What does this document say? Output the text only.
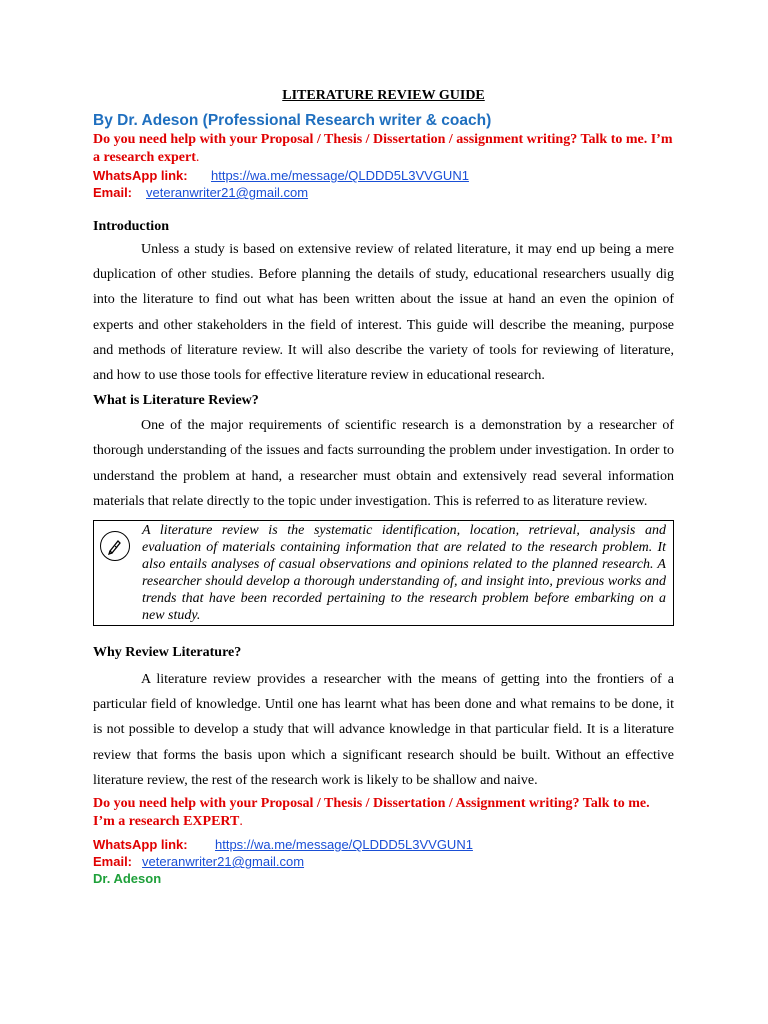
LITERATURE REVIEW GUIDE
By Dr. Adeson (Professional Research writer & coach)

Do you need help with your Proposal / Thesis / Dissertation / assignment writing? Talk to me. I’m a research expert.

WhatsApp link: https://wa.me/message/QLDDD5L3VVGUN1

Email: veteranwriter21@gmail.com

Introduction

Unless a study is based on extensive review of related literature, it may end up being a mere duplication of other studies. Before planning the details of study, educational researchers usually dig into the literature to find out what has been written about the issue at hand an even the opinion of experts and other stakeholders in the field of interest. This guide will describe the meaning, purpose and methods of literature review. It will also describe the variety of tools for reviewing of literature, and how to use those tools for effective literature review in educational research.

What is Literature Review?

One of the major requirements of scientific research is a demonstration by a researcher of thorough understanding of the issues and facts surrounding the problem under investigation. In order to understand the problem at hand, a researcher must obtain and extensively read several information materials that relate directly to the topic under investigation. This is referred to as literature review.

A literature review is the systematic identification, location, retrieval, analysis and evaluation of materials containing information that are related to the research problem. It also entails analyses of casual observations and opinions related to the planned research. A researcher should develop a thorough understanding of, and insight into, previous works and trends that have been recorded pertaining to the research problem before embarking on a new study.

Why Review Literature?

A literature review provides a researcher with the means of getting into the frontiers of a particular field of knowledge. Until one has learnt what has been done and what remains to be done, it is not possible to develop a study that will advance knowledge in that particular field. It is a literature review that forms the basis upon which a significant research should be built. Without an effective literature review, the rest of the research work is likely to be shallow and naive.

Do you need help with your Proposal / Thesis / Dissertation / Assignment writing? Talk to me. I’m a research EXPERT.

WhatsApp link: https://wa.me/message/QLDDD5L3VVGUN1

Email: veteranwriter21@gmail.com

Dr. Adeson
